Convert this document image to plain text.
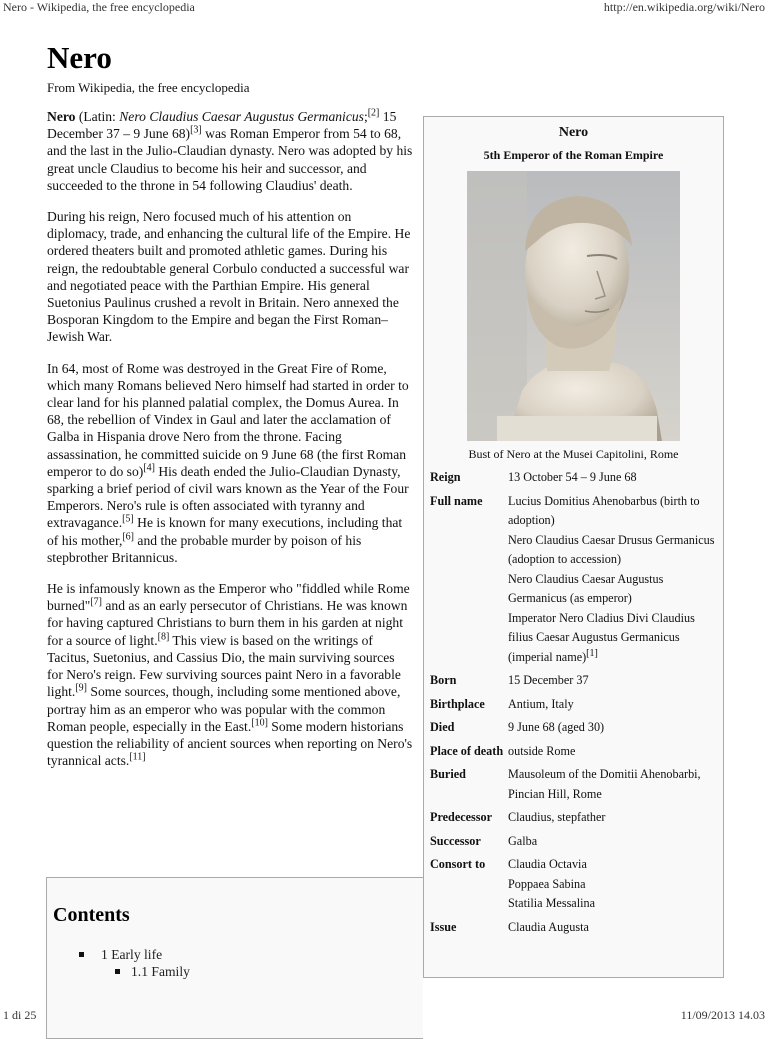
Nero - Wikipedia, the free encyclopedia	http://en.wikipedia.org/wiki/Nero
Nero
From Wikipedia, the free encyclopedia

Nero (Latin: Nero Claudius Caesar Augustus Germanicus;[2] 15 December 37 – 9 June 68)[3] was Roman Emperor from 54 to 68, and the last in the Julio-Claudian dynasty. Nero was adopted by his great uncle Claudius to become his heir and successor, and succeeded to the throne in 54 following Claudius' death.

During his reign, Nero focused much of his attention on diplomacy, trade, and enhancing the cultural life of the Empire. He ordered theaters built and promoted athletic games. During his reign, the redoubtable general Corbulo conducted a successful war and negotiated peace with the Parthian Empire. His general Suetonius Paulinus crushed a revolt in Britain. Nero annexed the Bosporan Kingdom to the Empire and began the First Roman–Jewish War.

In 64, most of Rome was destroyed in the Great Fire of Rome, which many Romans believed Nero himself had started in order to clear land for his planned palatial complex, the Domus Aurea. In 68, the rebellion of Vindex in Gaul and later the acclamation of Galba in Hispania drove Nero from the throne. Facing assassination, he committed suicide on 9 June 68 (the first Roman emperor to do so)[4] His death ended the Julio-Claudian Dynasty, sparking a brief period of civil wars known as the Year of the Four Emperors. Nero's rule is often associated with tyranny and extravagance.[5] He is known for many executions, including that of his mother,[6] and the probable murder by poison of his stepbrother Britannicus.

He is infamously known as the Emperor who "fiddled while Rome burned"[7] and as an early persecutor of Christians. He was known for having captured Christians to burn them in his garden at night for a source of light.[8] This view is based on the writings of Tacitus, Suetonius, and Cassius Dio, the main surviving sources for Nero's reign. Few surviving sources paint Nero in a favorable light.[9] Some sources, though, including some mentioned above, portray him as an emperor who was popular with the common Roman people, especially in the East.[10] Some modern historians question the reliability of ancient sources when reporting on Nero's tyrannical acts.[11]

Nero
5th Emperor of the Roman Empire
Bust of Nero at the Musei Capitolini, Rome
Reign	13 October 54 – 9 June 68
Full name	Lucius Domitius Ahenobarbus (birth to adoption)
Nero Claudius Caesar Drusus Germanicus (adoption to accession)
Nero Claudius Caesar Augustus Germanicus (as emperor)
Imperator Nero Cladius Divi Claudius filius Caesar Augustus Germanicus (imperial name)[1]
Born	15 December 37
Birthplace	Antium, Italy
Died	9 June 68 (aged 30)
Place of death outside Rome
Buried	Mausoleum of the Domitii Ahenobarbi, Pincian Hill, Rome
Predecessor	Claudius, stepfather
Successor	Galba
Consort to	Claudia Octavia
Poppaea Sabina
Statilia Messalina
Issue	Claudia Augusta
Contents
1 Early life
1.1 Family
1 di 25	11/09/2013 14.03
